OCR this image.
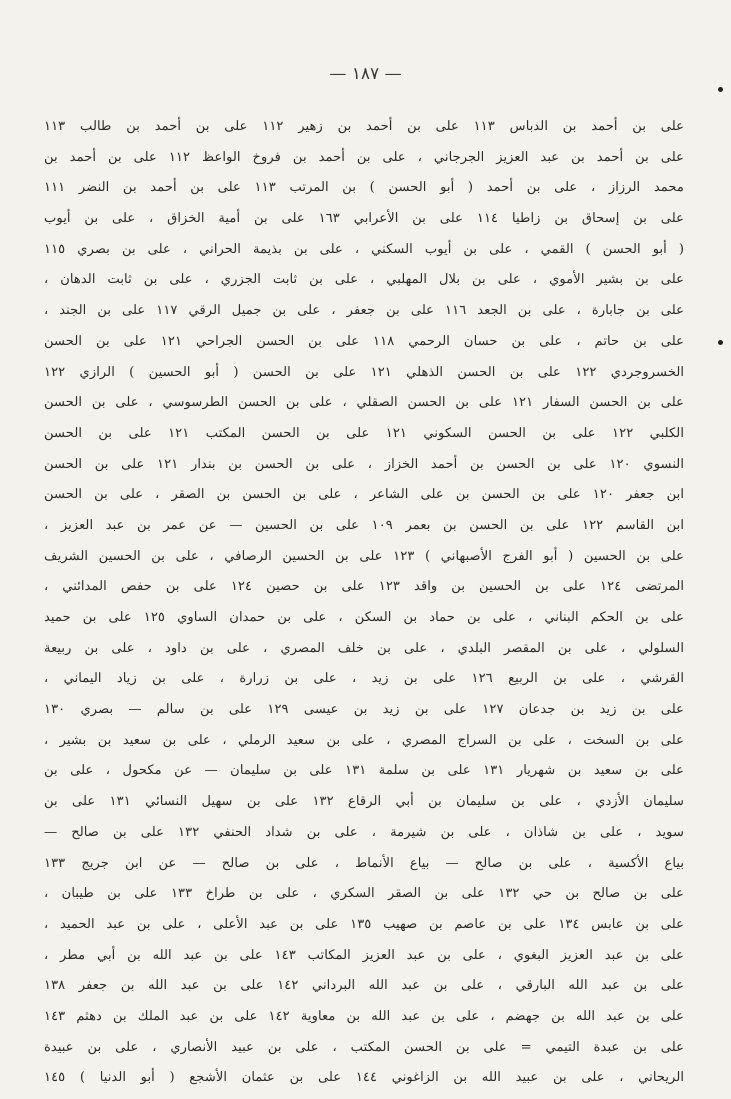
— ١٨٧ —
على بن أحمد بن الدباس ١١٣ على بن أحمد بن زهير ١١٢ على بن أحمد بن طالب ١١٣
على بن أحمد بن عبد العزيز الجرجاني ، على بن أحمد بن فروخ الواعظ ١١٢ على بن أحمد بن
محمد الرزاز ، على بن أحمد ( أبو الحسن ) بن المرتب ١١٣ على بن أحمد بن النضر ١١١
على بن إسحاق بن زاطيا ١١٤ على بن الأعرابي ١٦٣ على بن أمية الخزاق ، على بن أيوب
( أبو الحسن ) القمي ، على بن أيوب السكني ، على بن بذيمة الحراني ، على بن بصري ١١٥
على بن بشير الأموي ، على بن بلال المهلبي ، على بن ثابت الجزري ، على بن ثابت الدهان ،
على بن جابارة ، على بن الجعد ١١٦ على بن جعفر ، على بن جميل الرقي ١١٧ على بن الجند ،
على بن حاتم ، على بن حسان الرحمي ١١٨ على بن الحسن الجراحي ١٢١ على بن الحسن
الخسروجردي ١٢٢ على بن الحسن الذهلي ١٢١ على بن الحسن ( أبو الحسين ) الرازي ١٢٢
على بن الحسن السفار ١٢١ على بن الحسن الصقلي ، على بن الحسن الطرسوسي ، على بن الحسن
الكلبي ١٢٢ على بن الحسن السكوني ١٢١ على بن الحسن المكتب ١٢١ على بن الحسن
النسوي ١٢٠ على بن الحسن بن أحمد الخزاز ، على بن الحسن بن بندار ١٢١ على بن الحسن
ابن جعفر ١٢٠ على بن الحسن بن على الشاعر ، على بن الحسن بن الصقر ، على بن الحسن
ابن القاسم ١٢٢ على بن الحسن بن بعمر ١٠٩ على بن الحسين — عن عمر بن عبد العزيز ،
على بن الحسين ( أبو الفرج الأصبهاني ) ١٢٣ على بن الحسين الرصافي ، على بن الحسين الشريف
المرتضى ١٢٤ على بن الحسين بن واقد ١٢٣ على بن حصين ١٢٤ على بن حفص المدائني ،
على بن الحكم البناني ، على بن حماد بن السكن ، على بن حمدان الساوي ١٢٥ على بن حميد
السلولي ، على بن المقصر البلدي ، على بن خلف المصري ، على بن داود ، على بن ربيعة
القرشي ، على بن الربيع ١٢٦ على بن زيد ، على بن زرارة ، على بن زياد اليماني ،
على بن زيد بن جدعان ١٢٧ على بن زيد بن عيسى ١٢٩ على بن سالم — بصري ١٣٠
على بن السخت ، على بن السراج المصري ، على بن سعيد الرملي ، على بن سعيد بن بشير ،
على بن سعيد بن شهريار ١٣١ على بن سلمة ١٣١ على بن سليمان — عن مكحول ، على بن
سليمان الأزدي ، على بن سليمان بن أبي الرقاع ١٣٢ على بن سهيل النسائي ١٣١ على بن
سويد ، على بن شاذان ، على بن شيرمة ، على بن شداد الحنفي ١٣٢ على بن صالح —
بياع الأكسية ، على بن صالح — بياع الأنماط ، على بن صالح — عن ابن جريج ١٣٣
على بن صالح بن حي ١٣٢ على بن الصقر السكري ، على بن طراخ ١٣٣ على بن طيبان ،
على بن عابس ١٣٤ على بن عاصم بن صهيب ١٣٥ على بن عبد الأعلى ، على بن عبد الحميد ،
على بن عبد العزيز البغوي ، على بن عبد العزيز المكاتب ١٤٣ على بن عبد الله بن أبي مطر ،
على بن عبد الله البارقي ، على بن عبد الله البرداني ١٤٢ على بن عبد الله بن جعفر ١٣٨
على بن عبد الله بن جهضم ، على بن عبد الله بن معاوية ١٤٢ على بن عبد الملك بن دهثم ١٤٣
على بن عبدة التيمي = على بن الحسن المكتب ، على بن عبيد الأنصاري ، على بن عبيدة
الريحاني ، على بن عبيد الله بن الزاغوني ١٤٤ على بن عثمان الأشجع ( أبو الدنيا ) ١٤٥
